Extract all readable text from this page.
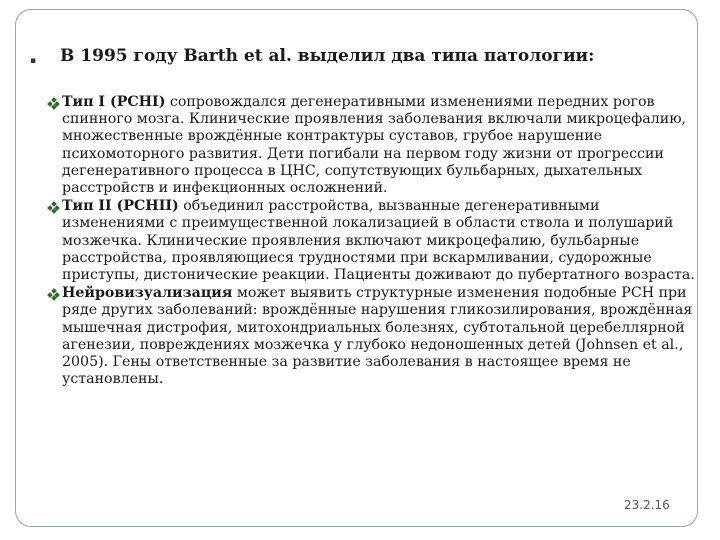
▪ В 1995 году Barth et al. выделил два типа патологии:
Тип I (PCHI) сопровождался дегенеративными изменениями передних рогов спинного мозга. Клинические проявления заболевания включали микроцефалию, множественные врождённые контрактуры суставов, грубое нарушение психомоторного развития. Дети погибали на первом году жизни от прогрессии дегенеративного процесса в ЦНС, сопутствующих бульбарных, дыхательных расстройств и инфекционных осложнений.
Тип II (PCHII) объединил расстройства, вызванные дегенеративными изменениями с преимущественной локализацией в области ствола и полушарий мозжечка. Клинические проявления включают микроцефалию, бульбарные расстройства, проявляющиеся трудностями при вскармливании, судорожные приступы, дистонические реакции. Пациенты доживают до пубертатного возраста.
Нейровизуализация может выявить структурные изменения подобные PCH при ряде других заболеваний: врождённые нарушения гликозилирования, врождённая мышечная дистрофия, митохондриальных болезнях, субтотальной церебеллярной агенезии, повреждениях мозжечка у глубоко недоношенных детей (Johnsen et al., 2005). Гены ответственные за развитие заболевания в настоящее время не установлены.
23.2.16
